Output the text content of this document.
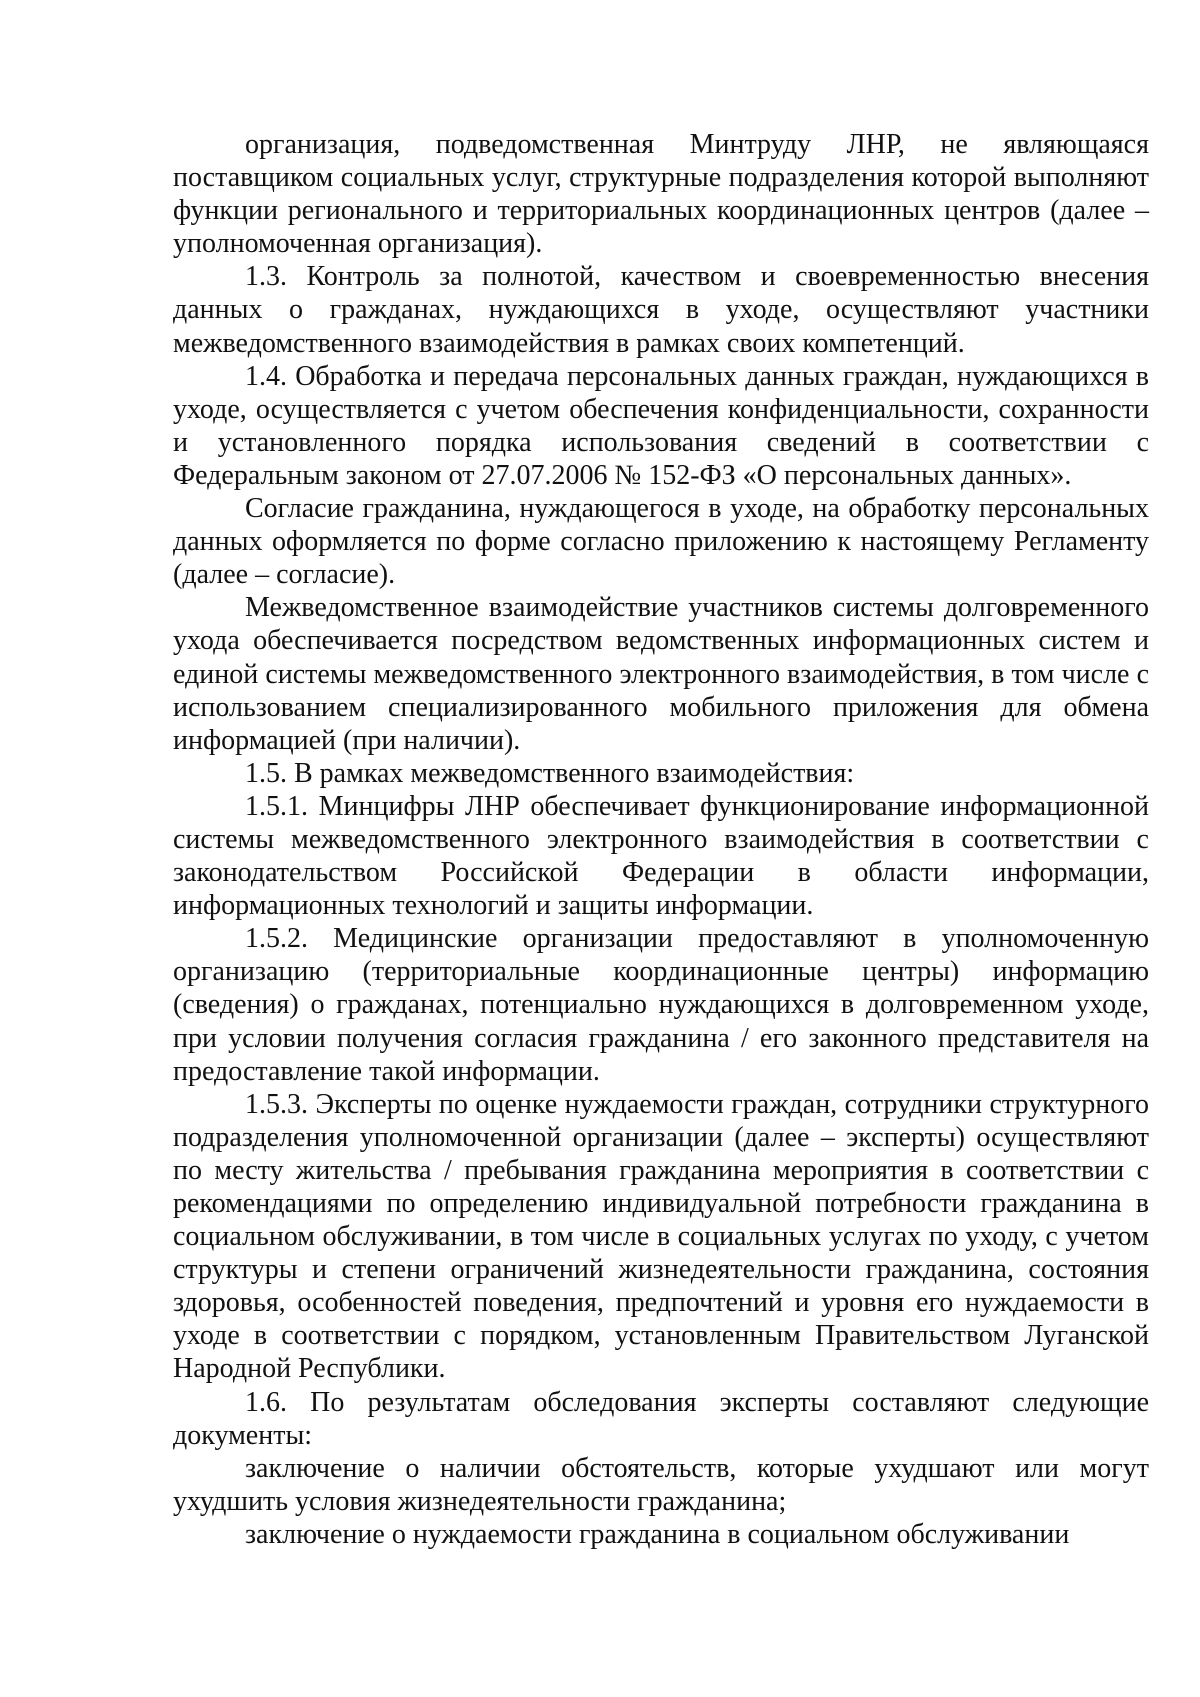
организация, подведомственная Минтруду ЛНР, не являющаяся поставщиком социальных услуг, структурные подразделения которой выполняют функции регионального и территориальных координационных центров (далее – уполномоченная организация).

1.3. Контроль за полнотой, качеством и своевременностью внесения данных о гражданах, нуждающихся в уходе, осуществляют участники межведомственного взаимодействия в рамках своих компетенций.

1.4. Обработка и передача персональных данных граждан, нуждающихся в уходе, осуществляется с учетом обеспечения конфиденциальности, сохранности и установленного порядка использования сведений в соответствии с Федеральным законом от 27.07.2006 № 152-ФЗ «О персональных данных».

Согласие гражданина, нуждающегося в уходе, на обработку персональных данных оформляется по форме согласно приложению к настоящему Регламенту (далее – согласие).

Межведомственное взаимодействие участников системы долговременного ухода обеспечивается посредством ведомственных информационных систем и единой системы межведомственного электронного взаимодействия, в том числе с использованием специализированного мобильного приложения для обмена информацией (при наличии).

1.5. В рамках межведомственного взаимодействия:

1.5.1. Минцифры ЛНР обеспечивает функционирование информационной системы межведомственного электронного взаимодействия в соответствии с законодательством Российской Федерации в области информации, информационных технологий и защиты информации.

1.5.2. Медицинские организации предоставляют в уполномоченную организацию (территориальные координационные центры) информацию (сведения) о гражданах, потенциально нуждающихся в долговременном уходе, при условии получения согласия гражданина / его законного представителя на предоставление такой информации.

1.5.3. Эксперты по оценке нуждаемости граждан, сотрудники структурного подразделения уполномоченной организации (далее – эксперты) осуществляют по месту жительства / пребывания гражданина мероприятия в соответствии с рекомендациями по определению индивидуальной потребности гражданина в социальном обслуживании, в том числе в социальных услугах по уходу, с учетом структуры и степени ограничений жизнедеятельности гражданина, состояния здоровья, особенностей поведения, предпочтений и уровня его нуждаемости в уходе в соответствии с порядком, установленным Правительством Луганской Народной Республики.

1.6. По результатам обследования эксперты составляют следующие документы:

заключение о наличии обстоятельств, которые ухудшают или могут ухудшить условия жизнедеятельности гражданина;

заключение о нуждаемости гражданина в социальном обслуживании
